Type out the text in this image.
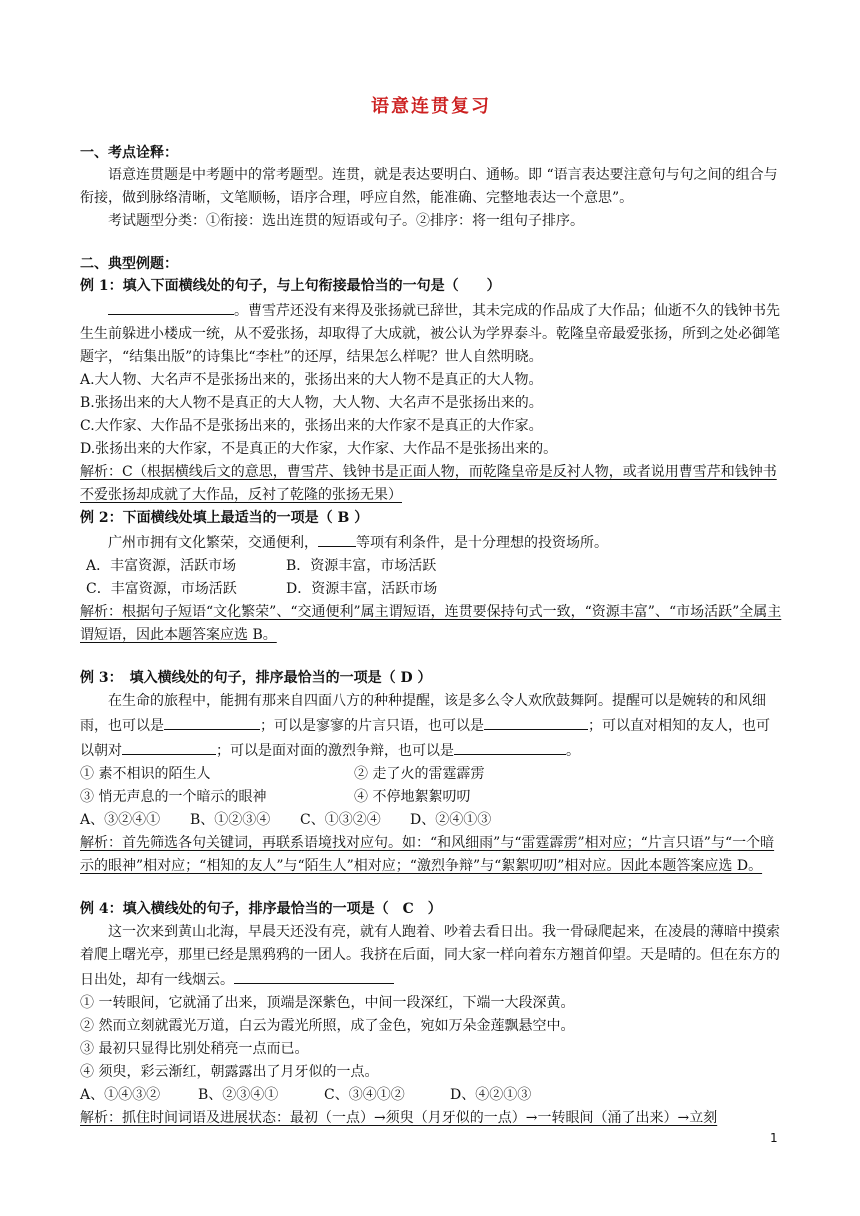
语意连贯复习
一、考点诠释：

语意连贯题是中考题中的常考题型。连贯，就是表达要明白、通畅。即 “语言表达要注意句与句之间的组合与衔接，做到脉络清晰，文笔顺畅，语序合理，呼应自然，能准确、完整地表达一个意思”。

考试题型分类：①衔接：选出连贯的短语或句子。②排序：将一组句子排序。

二、典型例题：
例 1：填入下面横线处的句子，与上句衔接最恰当的一句是（　　）

。曹雪芹还没有来得及张扬就已辞世，其未完成的作品成了大作品；仙逝不久的钱钟书先生生前躲进小楼成一统，从不爱张扬，却取得了大成就，被公认为学界泰斗。乾隆皇帝最爱张扬，所到之处必御笔题字，“结集出版”的诗集比“李杜”的还厚，结果怎么样呢？世人自然明晓。

A.大人物、大名声不是张扬出来的，张扬出来的大人物不是真正的大人物。
B.张扬出来的大人物不是真正的大人物，大人物、大名声不是张扬出来的。
C.大作家、大作品不是张扬出来的，张扬出来的大作家不是真正的大作家。
D.张扬出来的大作家，不是真正的大作家，大作家、大作品不是张扬出来的。
解析：C（根据横线后文的意思，曹雪芹、钱钟书是正面人物，而乾隆皇帝是反衬人物，或者说用曹雪芹和钱钟书不爱张扬却成就了大作品，反衬了乾隆的张扬无果）
例 2：下面横线处填上最适当的一项是（ B ）

广州市拥有文化繁荣，交通便利，	等项有利条件，是十分理想的投资场所。

A．丰富资源，活跃市场	B．资源丰富，市场活跃
C．丰富资源，市场活跃	D．资源丰富，活跃市场
解析：根据句子短语“文化繁荣”、“交通便利”属主谓短语，连贯要保持句式一致，“资源丰富”、“市场活跃”全属主谓短语，因此本题答案应选 B。
例 3：　填入横线处的句子，排序最恰当的一项是（ D ）

在生命的旅程中，能拥有那来自四面八方的种种提醒，该是多么令人欢欣鼓舞阿。提醒可以是婉转的和风细雨，也可以是	；可以是寥寥的片言只语，也可以是	；可以直对相知的友人，也可以朝对	；可以是面对面的激烈争辩，也可以是	。

① 素不相识的陌生人	② 走了火的雷霆霹雳
③ 悄无声息的一个暗示的眼神	④ 不停地絮絮叨叨
A、③②④①	B、①②③④	C、①③②④	D、②④①③
解析：首先筛选各句关键词，再联系语境找对应句。如：“和风细雨”与“雷霆霹雳”相对应；“片言只语”与“一个暗示的眼神”相对应；“相知的友人”与“陌生人”相对应；“激烈争辩”与“絮絮叨叨”相对应。因此本题答案应选 D。
例 4：填入横线处的句子，排序最恰当的一项是（　C　）

这一次来到黄山北海，早晨天还没有亮，就有人跑着、吵着去看日出。我一骨碌爬起来，在凌晨的薄暗中摸索着爬上曙光亭，那里已经是黑鸦鸦的一团人。我挤在后面，同大家一样向着东方翘首仰望。天是晴的。但在东方的日出处，却有一线烟云。

① 一转眼间，它就涌了出来，顶端是深紫色，中间一段深红，下端一大段深黄。
② 然而立刻就霞光万道，白云为霞光所照，成了金色，宛如万朵金莲飘悬空中。
③ 最初只显得比别处稍亮一点而已。
④ 须臾，彩云渐红，朝露露出了月牙似的一点。
A、①④③②	B、②③④①	C、③④①②	D、④②①③
解析：抓住时间词语及进展状态：最初（一点）→须臾（月牙似的一点）→一转眼间（涌了出来）→立刻
1
